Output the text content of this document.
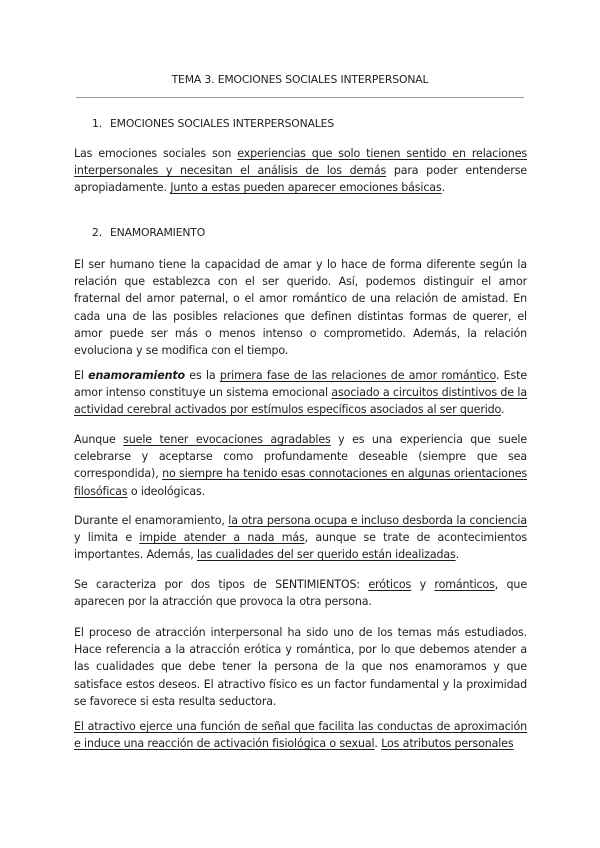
TEMA 3. EMOCIONES SOCIALES INTERPERSONAL
1. EMOCIONES SOCIALES INTERPERSONALES

Las emociones sociales son experiencias que solo tienen sentido en relaciones interpersonales y necesitan el análisis de los demás para poder entenderse apropiadamente. Junto a estas pueden aparecer emociones básicas.

2. ENAMORAMIENTO

El ser humano tiene la capacidad de amar y lo hace de forma diferente según la relación que establezca con el ser querido. Así, podemos distinguir el amor fraternal del amor paternal, o el amor romántico de una relación de amistad. En cada una de las posibles relaciones que definen distintas formas de querer, el amor puede ser más o menos intenso o comprometido. Además, la relación evoluciona y se modifica con el tiempo.

El enamoramiento es la primera fase de las relaciones de amor romántico. Este amor intenso constituye un sistema emocional asociado a circuitos distintivos de la actividad cerebral activados por estímulos específicos asociados al ser querido.

Aunque suele tener evocaciones agradables y es una experiencia que suele celebrarse y aceptarse como profundamente deseable (siempre que sea correspondida), no siempre ha tenido esas connotaciones en algunas orientaciones filosóficas o ideológicas.

Durante el enamoramiento, la otra persona ocupa e incluso desborda la conciencia y limita e impide atender a nada más, aunque se trate de acontecimientos importantes. Además, las cualidades del ser querido están idealizadas.

Se caracteriza por dos tipos de SENTIMIENTOS: eróticos y románticos, que aparecen por la atracción que provoca la otra persona.

El proceso de atracción interpersonal ha sido uno de los temas más estudiados. Hace referencia a la atracción erótica y romántica, por lo que debemos atender a las cualidades que debe tener la persona de la que nos enamoramos y que satisface estos deseos. El atractivo físico es un factor fundamental y la proximidad se favorece si esta resulta seductora.

El atractivo ejerce una función de señal que facilita las conductas de aproximación e induce una reacción de activación fisiológica o sexual. Los atributos personales
